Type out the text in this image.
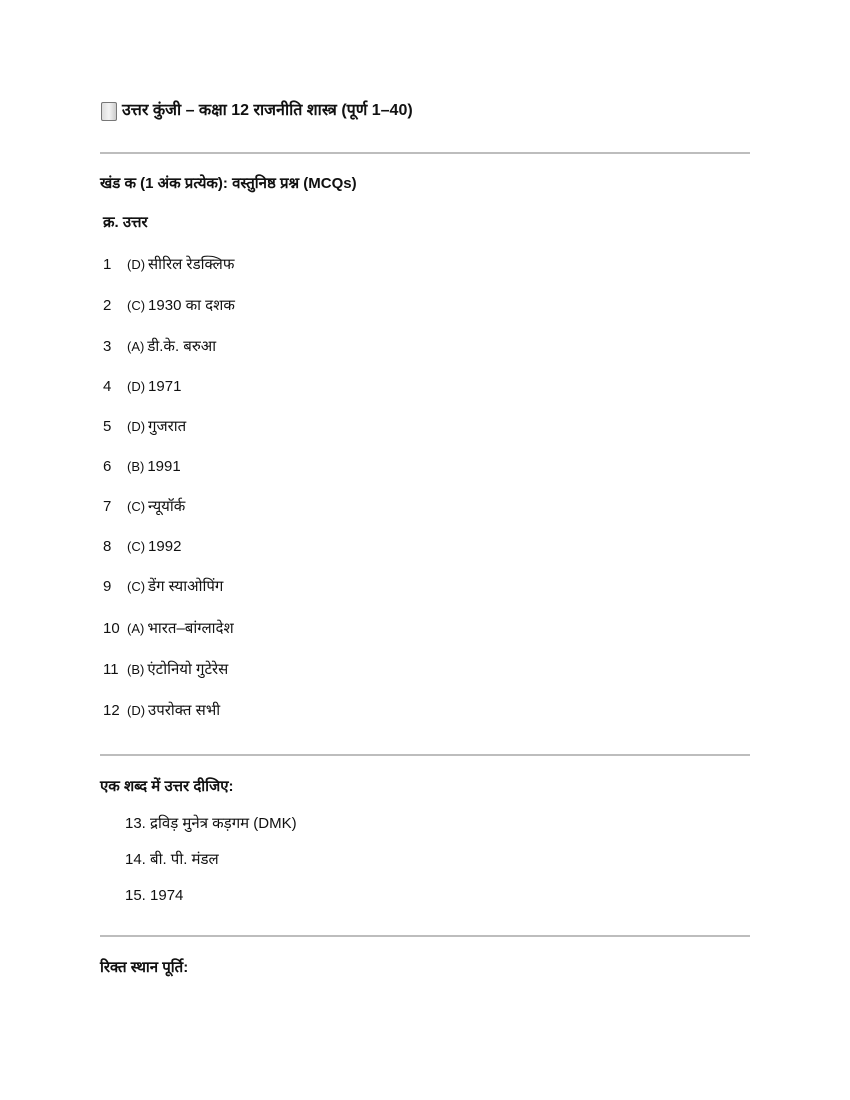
उत्तर कुंजी – कक्षा 12 राजनीति शास्त्र (पूर्ण 1–40)
खंड क (1 अंक प्रत्येक): वस्तुनिष्ठ प्रश्न (MCQs)
क्र. उत्तर
1	(D) सीरिल रेडक्लिफ
2	(C) 1930 का दशक
3	(A) डी.के. बरुआ
4	(D) 1971
5	(D) गुजरात
6	(B) 1991
7	(C) न्यूयॉर्क
8	(C) 1992
9	(C) डेंग स्याओपिंग
10 (A) भारत–बांग्लादेश
11 (B) एंटोनियो गुटेरेस
12 (D) उपरोक्त सभी
एक शब्द में उत्तर दीजिए:
13. द्रविड़ मुनेत्र कड़गम (DMK)
14. बी. पी. मंडल
15. 1974
रिक्त स्थान पूर्ति:
